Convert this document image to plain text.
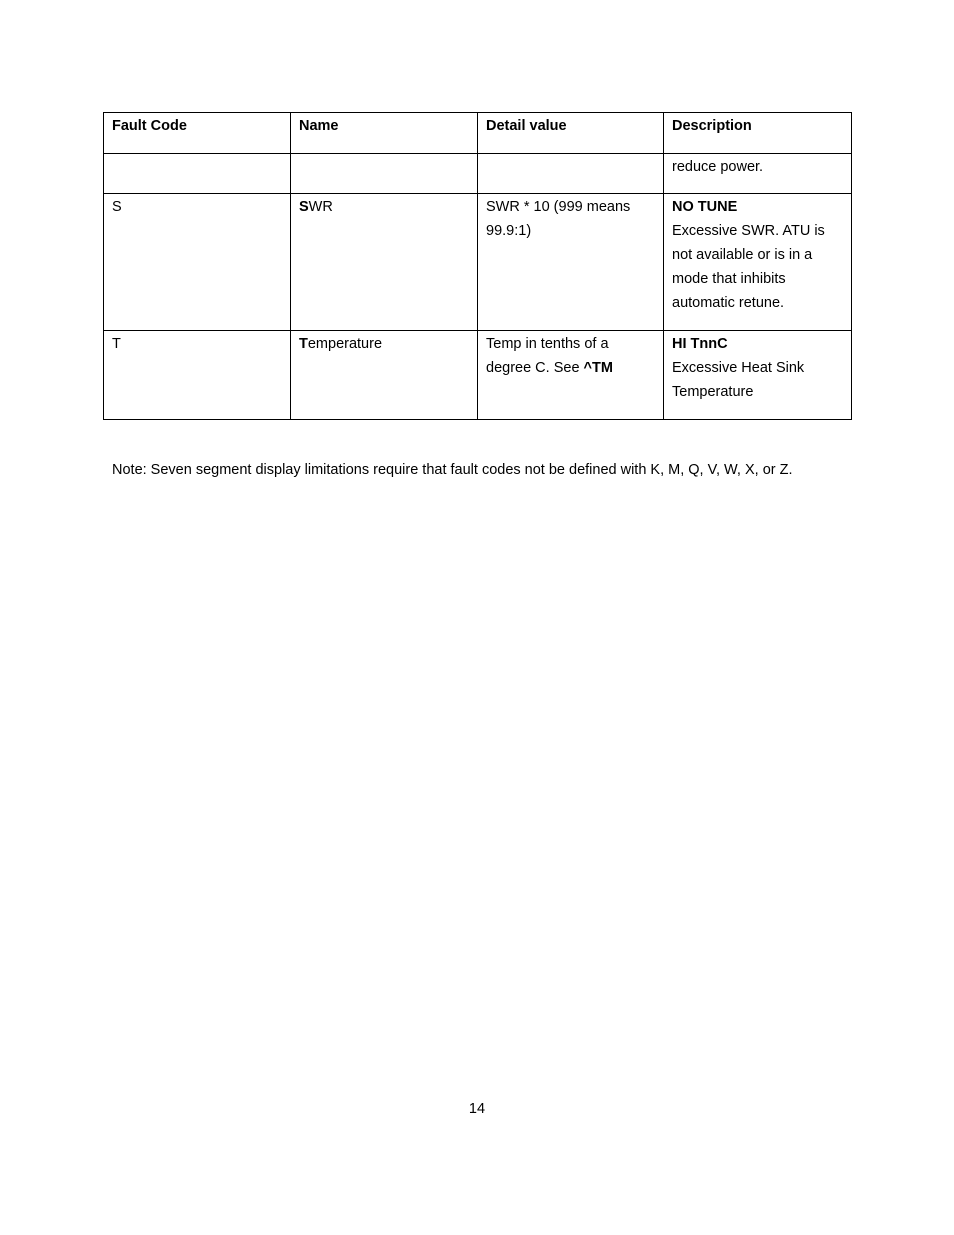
Fault Code	Name	Detail value	Description
			reduce power.
S	SWR	SWR * 10 (999 means 99.9:1)	NO TUNE
Excessive SWR. ATU is not available or is in a mode that inhibits automatic retune.

T	Temperature	Temp in tenths of a degree C. See ^TM	HI TnnC
Excessive Heat Sink Temperature
Note: Seven segment display limitations require that fault codes not be defined with K, M, Q, V, W, X, or Z.
14
